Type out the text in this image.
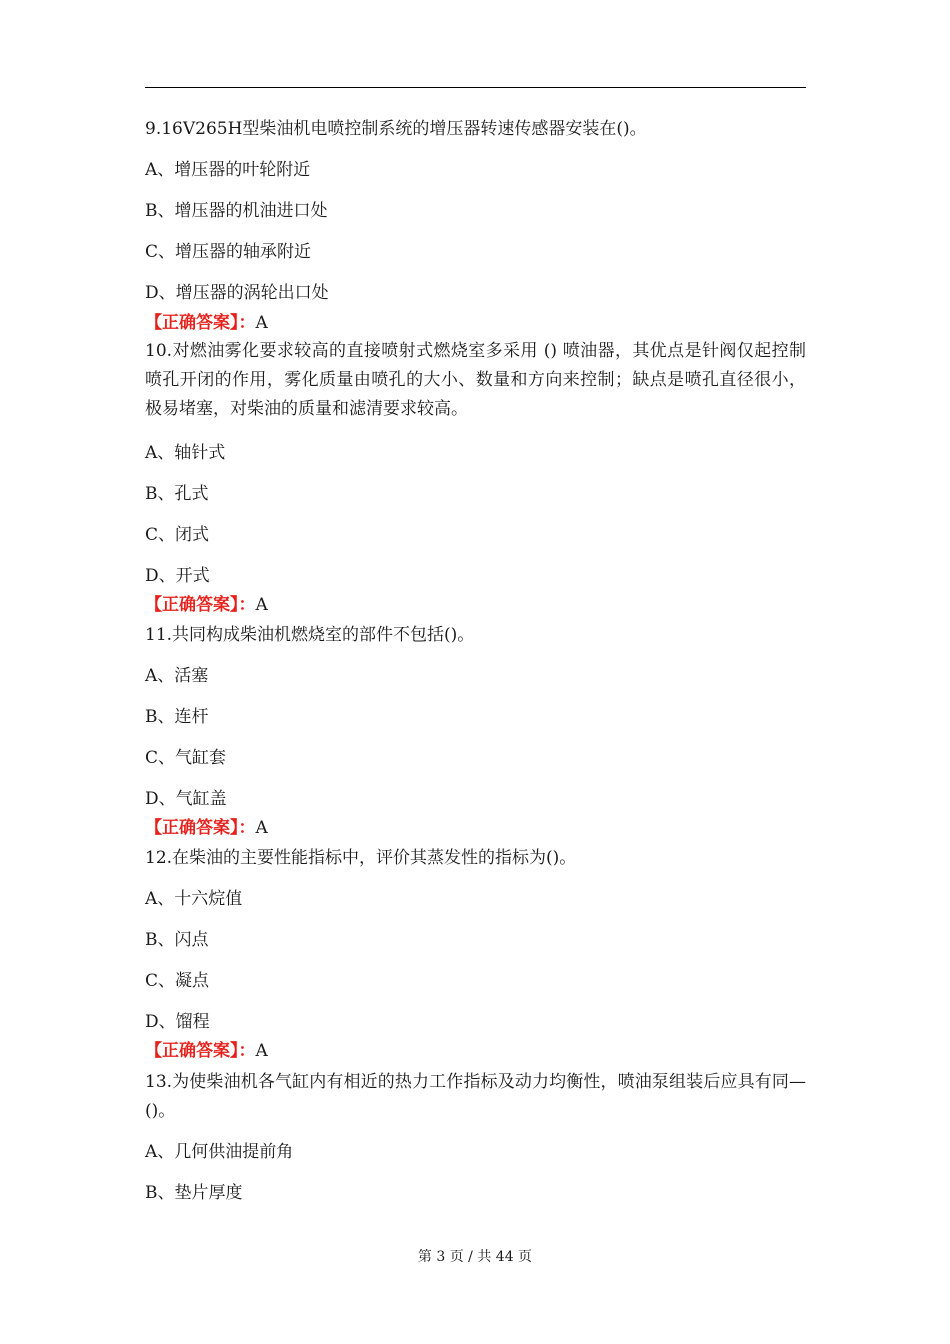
9.16V265H型柴油机电喷控制系统的增压器转速传感器安装在()。
A、增压器的叶轮附近
B、增压器的机油进口处
C、增压器的轴承附近
D、增压器的涡轮出口处
【正确答案】：A
10.对燃油雾化要求较高的直接喷射式燃烧室多采用 () 喷油器，其优点是针阀仅起控制喷孔开闭的作用，雾化质量由喷孔的大小、数量和方向来控制；缺点是喷孔直径很小，极易堵塞，对柴油的质量和滤清要求较高。
A、轴针式
B、孔式
C、闭式
D、开式
【正确答案】：A
11.共同构成柴油机燃烧室的部件不包括()。
A、活塞
B、连杆
C、气缸套
D、气缸盖
【正确答案】：A
12.在柴油的主要性能指标中，评价其蒸发性的指标为()。
A、十六烷值
B、闪点
C、凝点
D、馏程
【正确答案】：A
13.为使柴油机各气缸内有相近的热力工作指标及动力均衡性，喷油泵组装后应具有同—()。
A、几何供油提前角
B、垫片厚度
第 3 页 / 共 44 页
